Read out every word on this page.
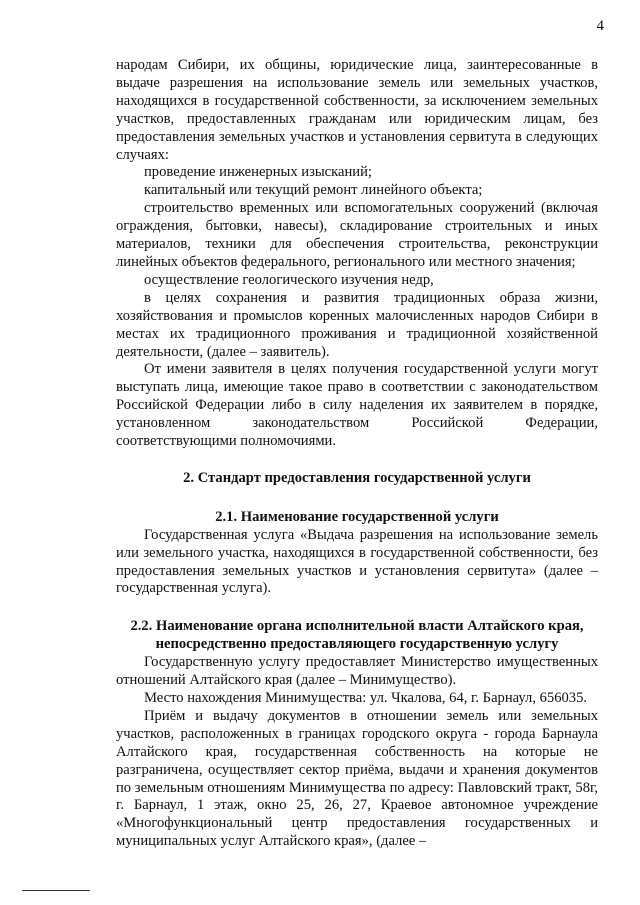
4

народам Сибири, их общины, юридические лица, заинтересованные в выдаче разрешения на использование земель или земельных участков, находящихся в государственной собственности, за исключением земельных участков, предоставленных гражданам или юридическим лицам, без предоставления земельных участков и установления сервитута в следующих случаях:

проведение инженерных изысканий;

капитальный или текущий ремонт линейного объекта;

строительство временных или вспомогательных сооружений (включая ограждения, бытовки, навесы), складирование строительных и иных материалов, техники для обеспечения строительства, реконструкции линейных объектов федерального, регионального или местного значения;

осуществление геологического изучения недр,

в целях сохранения и развития традиционных образа жизни, хозяйствования и промыслов коренных малочисленных народов Сибири в местах их традиционного проживания и традиционной хозяйственной деятельности, (далее – заявитель).

От имени заявителя в целях получения государственной услуги могут выступать лица, имеющие такое право в соответствии с законодательством Российской Федерации либо в силу наделения их заявителем в порядке, установленном законодательством Российской Федерации, соответствующими полномочиями.

2. Стандарт предоставления государственной услуги

2.1. Наименование государственной услуги

Государственная услуга «Выдача разрешения на использование земель или земельного участка, находящихся в государственной собственности, без предоставления земельных участков и установления сервитута» (далее – государственная услуга).

2.2. Наименование органа исполнительной власти Алтайского края, непосредственно предоставляющего государственную услугу

Государственную услугу предоставляет Министерство имущественных отношений Алтайского края (далее – Минимущество).

Место нахождения Минимущества: ул. Чкалова, 64, г. Барнаул, 656035.

Приём и выдачу документов в отношении земель или земельных участков, расположенных в границах городского округа - города Барнаула Алтайского края, государственная собственность на которые не разграничена, осуществляет сектор приёма, выдачи и хранения документов по земельным отношениям Минимущества по адресу: Павловский тракт, 58г, г. Барнаул, 1 этаж, окно 25, 26, 27, Краевое автономное учреждение «Многофункциональный центр предоставления государственных и муниципальных услуг Алтайского края», (далее –
